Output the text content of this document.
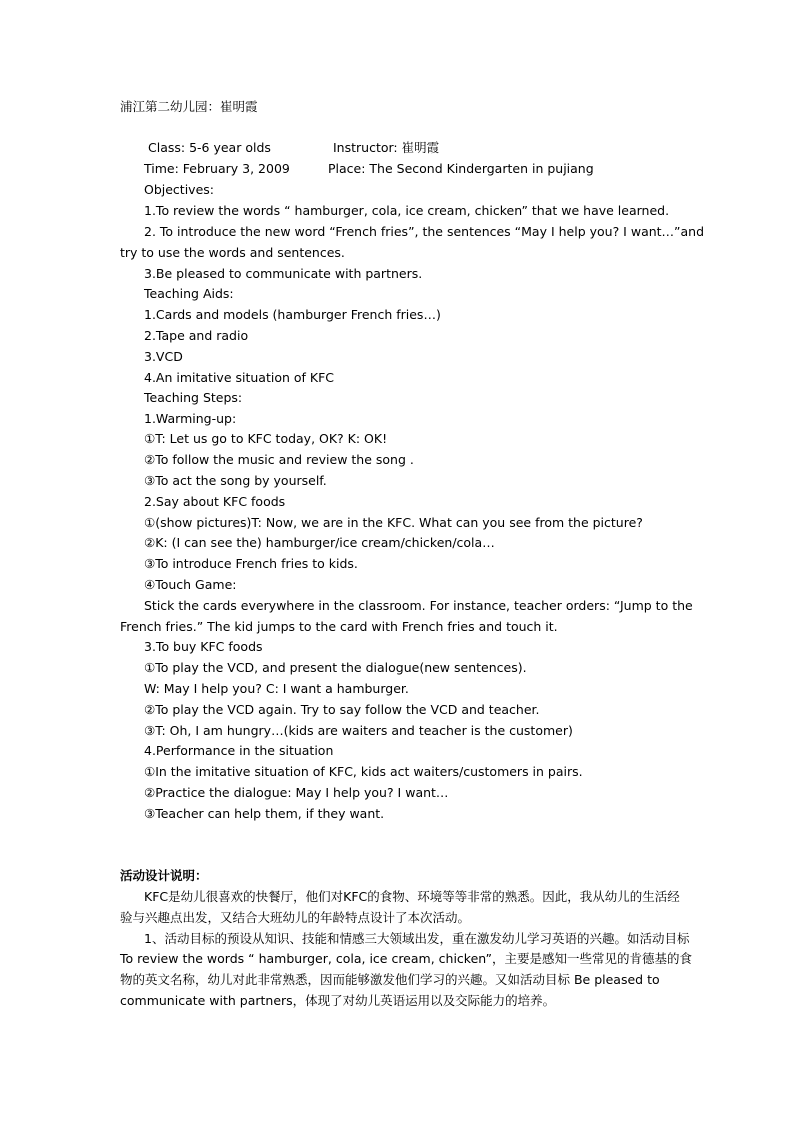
浦江第二幼儿园：崔明霞
Class: 5-6 year olds	Instructor: 崔明霞
Time: February 3, 2009	Place: The Second Kindergarten in pujiang
Objectives:
1.To review the words “ hamburger, cola, ice cream, chicken” that we have learned.
2. To introduce the new word “French fries”, the sentences “May I help you? I want…”and
try to use the words and sentences.
3.Be pleased to communicate with partners.
Teaching Aids:
1.Cards and models (hamburger French fries…)
2.Tape and radio
3.VCD
4.An imitative situation of KFC
Teaching Steps:
1.Warming-up:
①T: Let us go to KFC today, OK? K: OK!
②To follow the music and review the song .
③To act the song by yourself.
2.Say about KFC foods
①(show pictures)T: Now, we are in the KFC. What can you see from the picture?
②K: (I can see the) hamburger/ice cream/chicken/cola…
③To introduce French fries to kids.
④Touch Game:
Stick the cards everywhere in the classroom. For instance, teacher orders: “Jump to the
French fries.” The kid jumps to the card with French fries and touch it.
3.To buy KFC foods
①To play the VCD, and present the dialogue(new sentences).
W: May I help you? C: I want a hamburger.
②To play the VCD again. Try to say follow the VCD and teacher.
③T: Oh, I am hungry…(kids are waiters and teacher is the customer)
4.Performance in the situation
①In the imitative situation of KFC, kids act waiters/customers in pairs.
②Practice the dialogue: May I help you? I want…
③Teacher can help them, if they want.
活动设计说明：
KFC是幼儿很喜欢的快餐厅，他们对KFC的食物、环境等等非常的熟悉。因此，我从幼儿的生活经
验与兴趣点出发，又结合大班幼儿的年龄特点设计了本次活动。
1、活动目标的预设从知识、技能和情感三大领域出发，重在激发幼儿学习英语的兴趣。如活动目标
To review the words “ hamburger, cola, ice cream, chicken”，主要是感知一些常见的肯德基的食
物的英文名称，幼儿对此非常熟悉，因而能够激发他们学习的兴趣。又如活动目标 Be pleased to
communicate with partners，体现了对幼儿英语运用以及交际能力的培养。
